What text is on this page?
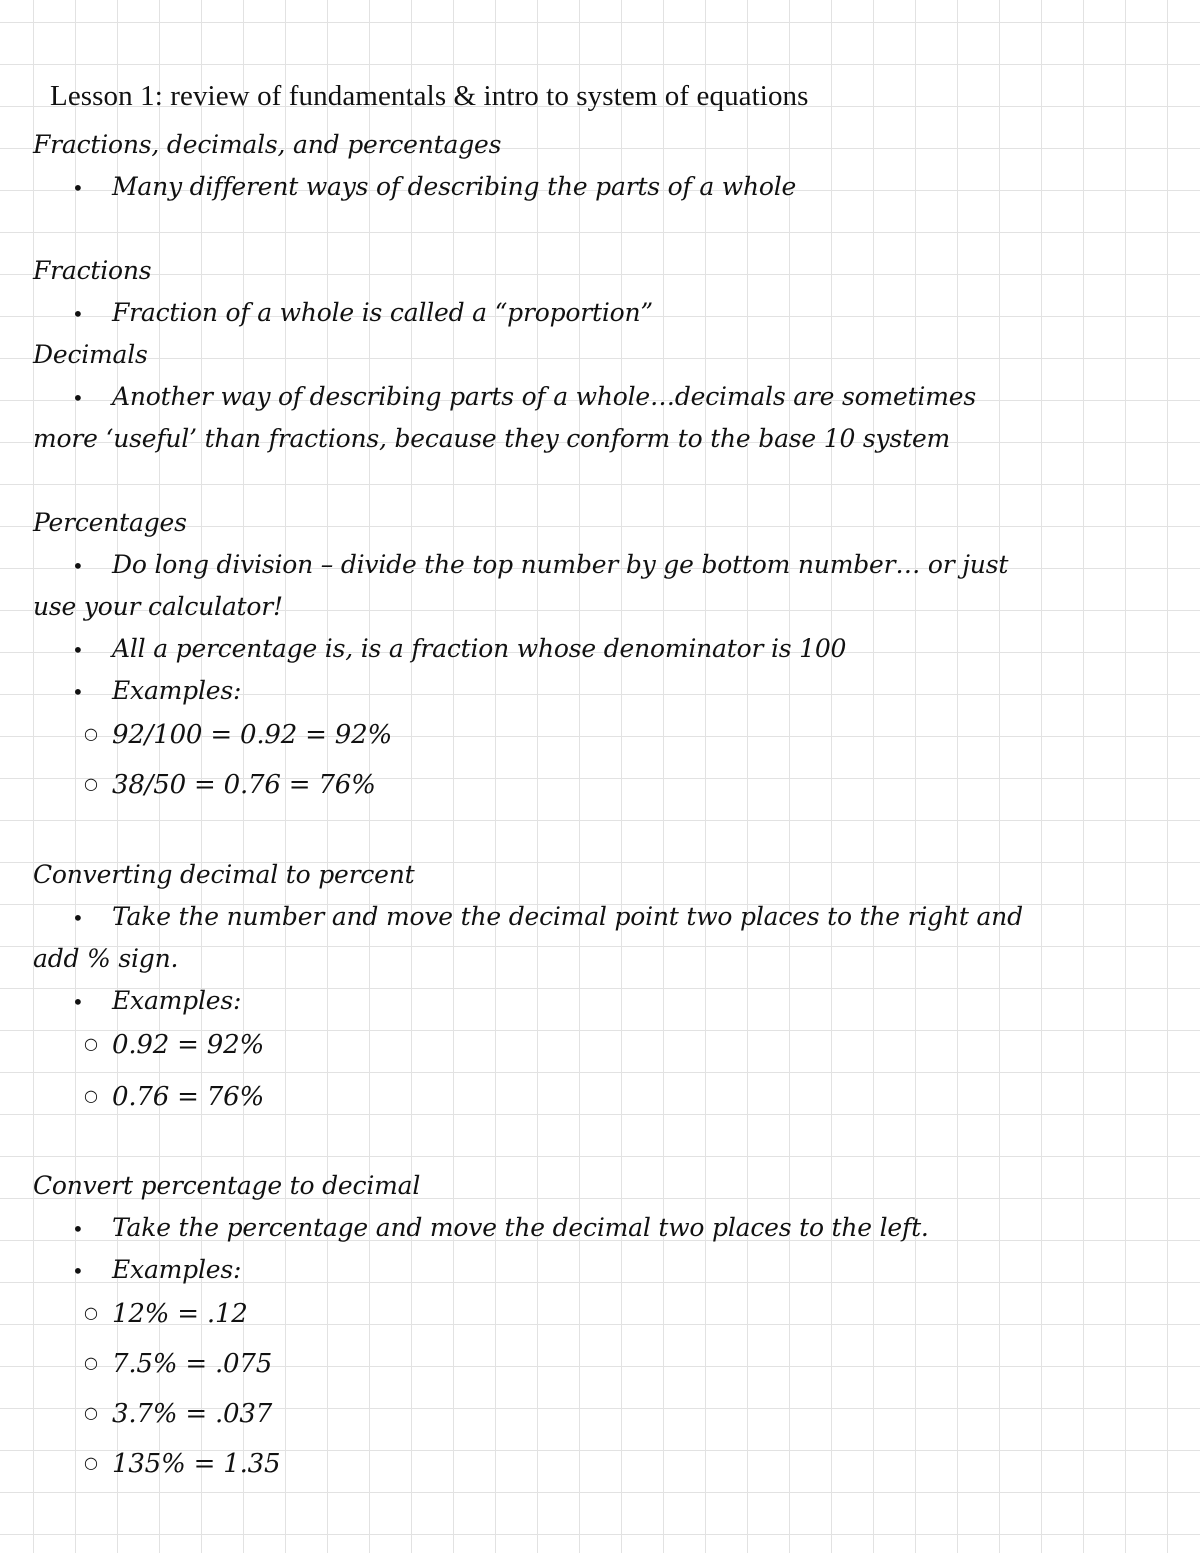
Lesson 1: review of fundamentals & intro to system of equations
Fractions, decimals, and percentages
• Many different ways of describing the parts of a whole
Fractions
• Fraction of a whole is called a “proportion”
Decimals
• Another way of describing parts of a whole…decimals are sometimes
more ‘useful’ than fractions, because they conform to the base 10 system
Percentages
• Do long division – divide the top number by ge bottom number… or just
use your calculator!
• All a percentage is, is a fraction whose denominator is 100
• Examples:
○ 92/100 = 0.92 = 92%
○ 38/50 = 0.76 = 76%
Converting decimal to percent
• Take the number and move the decimal point two places to the right and
add % sign.
• Examples:
○ 0.92 = 92%
○ 0.76 = 76%
Convert percentage to decimal
• Take the percentage and move the decimal two places to the left.
• Examples:
○ 12% = .12
○ 7.5% = .075
○ 3.7% = .037
○ 135% = 1.35
